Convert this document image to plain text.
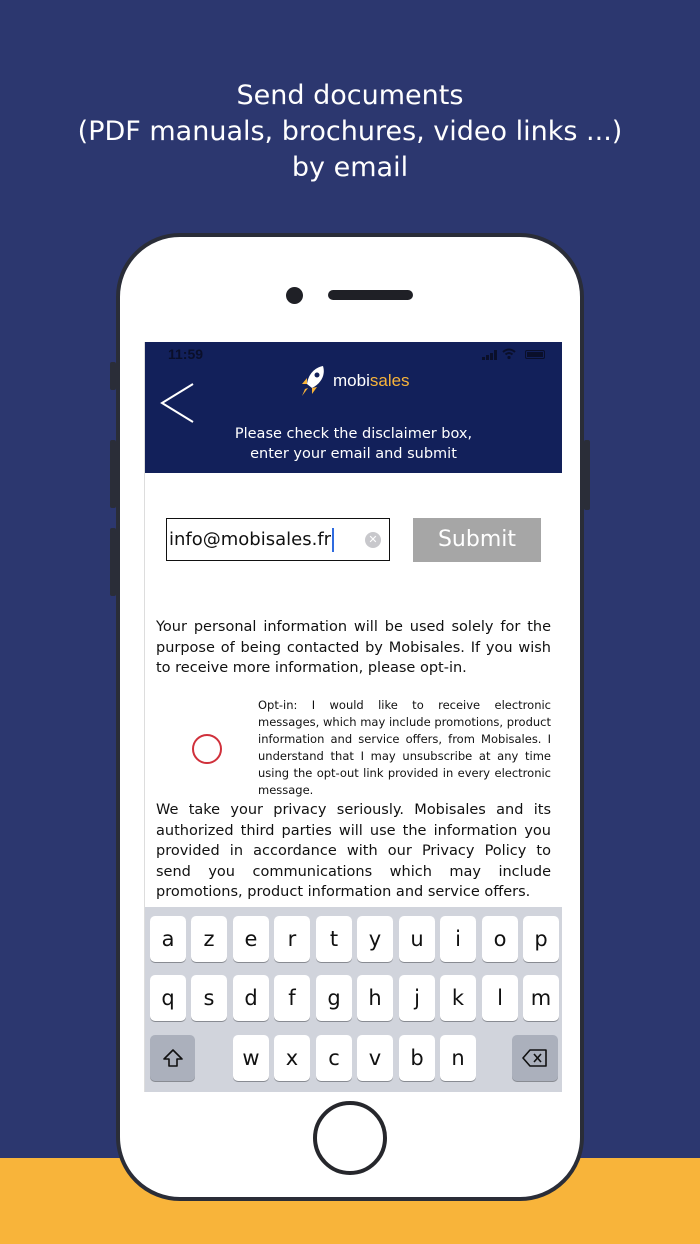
Send documents
(PDF manuals, brochures, video links ...)
by email
11:59
mobisales
Please check the disclaimer box,
enter your email and submit
info@mobisales.fr	✕	Submit
Your personal information will be used solely for the purpose of being contacted by Mobisales. If you wish to receive more information, please opt-in.
Opt-in: I would like to receive electronic messages, which may include promotions, product information and service offers, from Mobisales. I understand that I may unsubscribe at any time using the opt-out link provided in every electronic message.
We take your privacy seriously. Mobisales and its authorized third parties will use the information you provided in accordance with our Privacy Policy to send you communications which may include promotions, product information and service offers.
a	z	e	r	t	y	u	i	o	p
q	s	d	f	g	h	j	k	l	m
w	x	c	v	b	n
